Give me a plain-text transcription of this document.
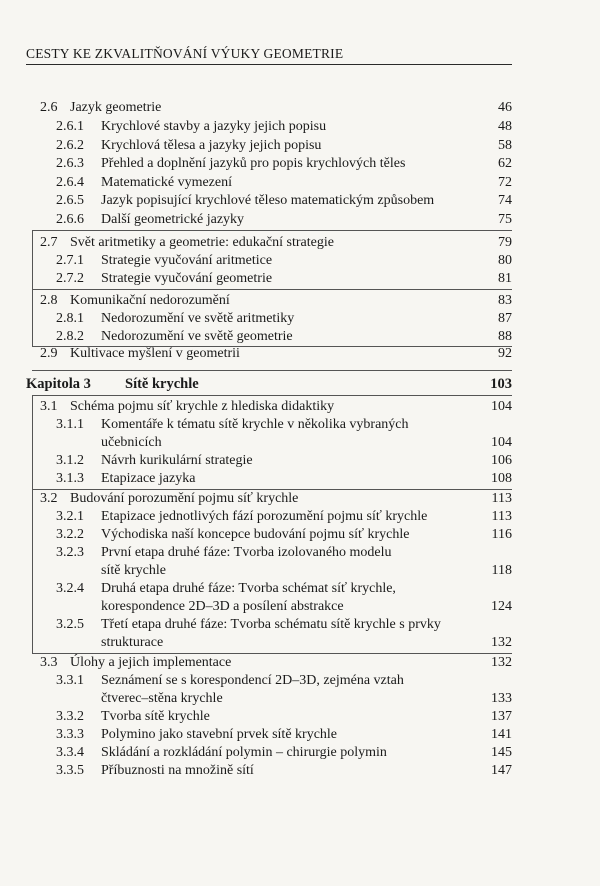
CESTY KE ZKVALITŇOVÁNÍ VÝUKY GEOMETRIE
2.6 Jazyk geometrie	46
2.6.1 Krychlové stavby a jazyky jejich popisu	48
2.6.2 Krychlová tělesa a jazyky jejich popisu	58
2.6.3 Přehled a doplnění jazyků pro popis krychlových těles	62
2.6.4 Matematické vymezení	72
2.6.5 Jazyk popisující krychlové těleso matematickým způsobem	74
2.6.6 Další geometrické jazyky	75
2.7 Svět aritmetiky a geometrie: edukační strategie	79
2.7.1 Strategie vyučování aritmetice	80
2.7.2 Strategie vyučování geometrie	81
2.8 Komunikační nedorozumění	83
2.8.1 Nedorozumění ve světě aritmetiky	87
2.8.2 Nedorozumění ve světě geometrie	88
2.9 Kultivace myšlení v geometrii	92
Kapitola 3 Sítě krychle	103
3.1 Schéma pojmu síť krychle z hlediska didaktiky	104
3.1.1 Komentáře k tématu sítě krychle v několika vybraných
učebnicích	104
3.1.2 Návrh kurikulární strategie	106
3.1.3 Etapizace jazyka	108
3.2 Budování porozumění pojmu síť krychle	113
3.2.1 Etapizace jednotlivých fází porozumění pojmu síť krychle	113
3.2.2 Východiska naší koncepce budování pojmu síť krychle	116
3.2.3 První etapa druhé fáze: Tvorba izolovaného modelu
sítě krychle	118
3.2.4 Druhá etapa druhé fáze: Tvorba schémat síť krychle,
korespondence 2D–3D a posílení abstrakce	124
3.2.5 Třetí etapa druhé fáze: Tvorba schématu sítě krychle s prvky
strukturace	132
3.3 Úlohy a jejich implementace	132
3.3.1 Seznámení se s korespondencí 2D–3D, zejména vztah
čtverec–stěna krychle	133
3.3.2 Tvorba sítě krychle	137
3.3.3 Polymino jako stavební prvek sítě krychle	141
3.3.4 Skládání a rozkládání polymin – chirurgie polymin	145
3.3.5 Příbuznosti na množině sítí	147
